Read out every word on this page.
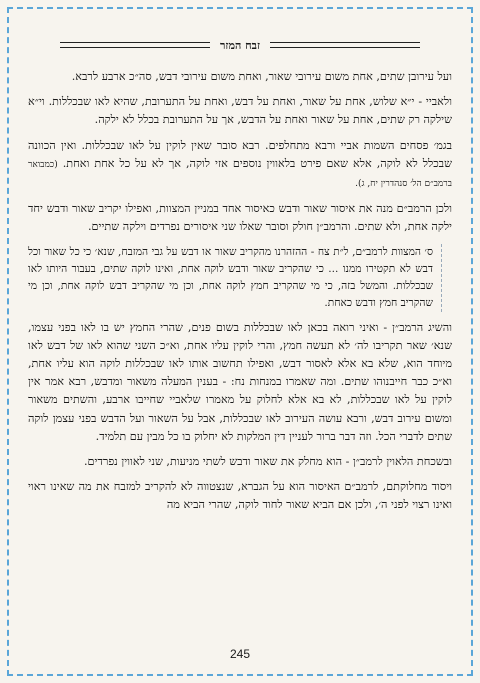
זבח המזר

ועל עירובן שתים, אחת משום עירובי שאור, ואחת משום עירובי דבש, סה״כ ארבע לרבא.

ולאביי - י״א שלוש, אחת על שאור, ואחת על דבש, ואחת על התערובת, שהיא לאו שבכללות. וי״א שילקה רק שתים, אחת על שאור ואחת על הדבש, אך על התערובת בכלל לא ילקה.

בגמ׳ פסחים השמות אביי ורבא מתחלפים. רבא סובר שאין לוקין על לאו שבכללות. ואין הכוונה שבכלל לא לוקה, אלא שאם פירט בלאווין נוספים אזי לוקה, אך לא על כל אחת ואחת. (כמבואר ברמב״ם הל׳ סנהדרין יח, ג).

ולכן הרמב״ם מנה את איסור שאור ודבש כאיסור אחד במניין המצוות, ואפילו יקריב שאור ודבש יחד ילקה אחת, ולא שתים. והרמב״ן חולק וסובר שאלו שני איסורים נפרדים וילקה שתיים.

ס׳ המצוות לרמב״ם, ל״ת צח - ההזהרנו מהקריב שאור או דבש על גבי המזבח, שנא׳ כי כל שאור וכל דבש לא תקטירו ממנו ... כי שהקריב שאור ודבש לוקה אחת, ואינו לוקה שתים, בעבור היותו לאו שבכללות. והמשל בזה, כי מי שהקריב חמץ לוקה אחת, וכן מי שהקריב דבש לוקה אחת, וכן מי שהקריב חמץ ודבש כאחת.

והשיג הרמב״ן - ואיני רואה בכאן לאו שבכללות בשום פנים, שהרי החמץ יש בו לאו בפני עצמו, שנא׳ שאר תקריבו לה׳ לא תעשה חמץ, והרי לוקין עליו אחת, וא״כ השני שהוא לאו של דבש לאו מיוחד הוא, שלא בא אלא לאסור דבש, ואפילו תחשוב אותו לאו שבכללות לוקה הוא עליו אחת, וא״כ כבר חייבנוהו שתים. ומה שאמרו במנחות נח: - בענין המעלה משאור ומדבש, רבא אמר אין לוקין על לאו שבכללות, לא בא אלא לחלוק על מאמרו שלאביי שחייבו ארבע, והשתים משאור ומשום עירוב דבש, ורבא עושה העירוב לאו שבכללות, אבל על השאור ועל הדבש בפני עצמן לוקה שתים לדברי הכל. וזה דבר ברור לעניין דין המלקות לא יחלוק בו כל מבין עם תלמיד.

ובשכחת הלאוין לרמב״ן - הוא מחלק את שאור ודבש לשתי מניעות, שני לאווין נפרדים.

ויסוד מחלוקתם, לרמב״ם האיסור הוא על הגברא, שנצטווה לא להקריב למזבח את מה שאינו ראוי ואינו רצוי לפני ה׳, ולכן אם הביא שאור לחוד לוקה, שהרי הביא מה

245
